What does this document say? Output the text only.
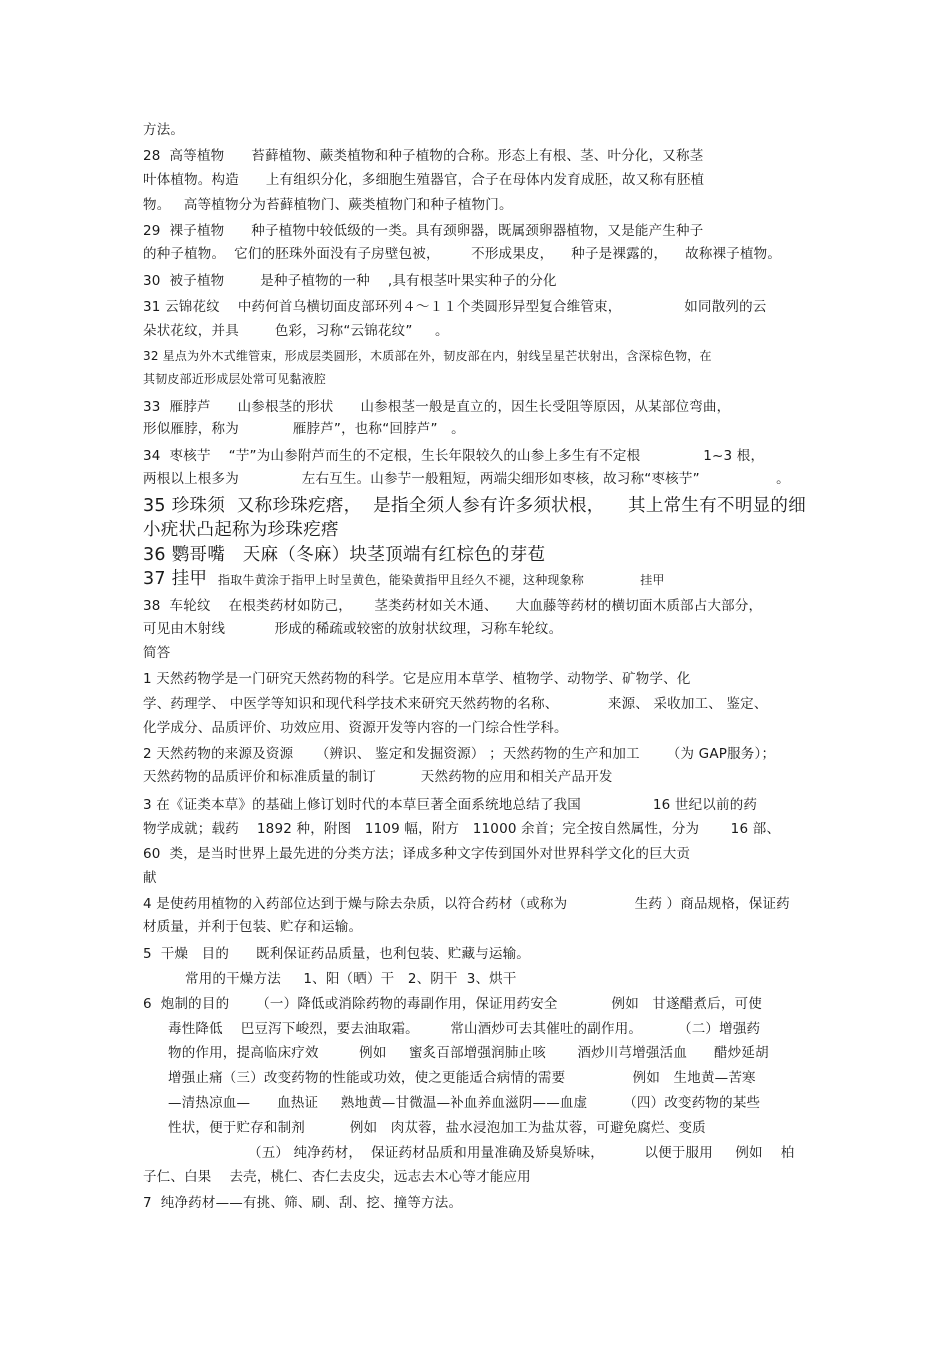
方法。
28  高等植物      苔藓植物、蕨类植物和种子植物的合称。形态上有根、茎、叶分化，又称茎
叶体植物。构造      上有组织分化，多细胞生殖器官，合子在母体内发育成胚，故又称有胚植
物。   高等植物分为苔藓植物门、蕨类植物门和种子植物门。
29  裸子植物      种子植物中较低级的一类。具有颈卵器，既属颈卵器植物，又是能产生种子
的种子植物。  它们的胚珠外面没有子房壁包被，       不形成果皮，    种子是裸露的，    故称裸子植物。
30  被子植物        是种子植物的一种    ,具有根茎叶果实种子的分化
31 云锦花纹    中药何首乌横切面皮部环列４～１１个类圆形异型复合维管束，              如同散列的云
朵状花纹，并具        色彩，习称“云锦花纹”     。
32 星点为外木式维管束，形成层类圆形，木质部在外，韧皮部在内，射线呈星芒状射出，含深棕色物，在
其韧皮部近形成层处常可见黏液腔
33  雁脖芦      山参根茎的形状      山参根茎一般是直立的，因生长受阻等原因，从某部位弯曲，
形似雁脖，称为            雁脖芦”，也称“回脖芦”   。
34  枣核艼    “艼”为山参附芦而生的不定根，生长年限较久的山参上多生有不定根              1~3 根，
两根以上根多为              左右互生。山参艼一般粗短，两端尖细形如枣核，故习称“枣核艼”                 。
35 珍珠须  又称珍珠疙瘩，  是指全须人参有许多须状根，    其上常生有不明显的细
小疣状凸起称为珍珠疙瘩
36 鹦哥嘴   天麻（冬麻）块茎顶端有红棕色的芽苞
37 挂甲 指取牛黄涂于指甲上时呈黄色，能染黄指甲且经久不褪，这种现象称              挂甲
38  车轮纹    在根类药材如防己，     茎类药材如关木通、    大血藤等药材的横切面木质部占大部分，
可见由木射线           形成的稀疏或较密的放射状纹理，习称车轮纹。
简答
1 天然药物学是一门研究天然药物的科学。它是应用本草学、植物学、动物学、矿物学、化
学、药理学、 中医学等知识和现代科学技术来研究天然药物的名称、           来源、 采收加工、 鉴定、
化学成分、品质评价、功效应用、资源开发等内容的一门综合性学科。
2 天然药物的来源及资源     （辨识、 鉴定和发掘资源） ；天然药物的生产和加工      （为 GAP服务）；
天然药物的品质评价和标准质量的制订          天然药物的应用和相关产品开发
3 在《证类本草》的基础上修订划时代的本草巨著全面系统地总结了我国                16 世纪以前的药
物学成就；载药    1892 种，附图   1109 幅，附方   11000 余首；完全按自然属性，分为       16 部、
60  类，是当时世界上最先进的分类方法；译成多种文字传到国外对世界科学文化的巨大贡
献
4 是使药用植物的入药部位达到于燥与除去杂质，以符合药材（或称为               生药 ）商品规格，保证药
材质量，并利于包装、贮存和运输。
5  干燥   目的      既利保证药品质量，也利包装、贮藏与运输。
常用的干燥方法     1、阳（晒）干   2、阴干  3、烘干
6  炮制的目的      （一）降低或消除药物的毒副作用，保证用药安全            例如   甘遂醋煮后，可使
毒性降低    巴豆泻下峻烈，要去油取霜。       常山酒炒可去其催吐的副作用。        （二）增强药
物的作用，提高临床疗效         例如     蜜炙百部增强润肺止咳       酒炒川芎增强活血      醋炒延胡
增强止痛（三）改变药物的性能或功效，使之更能适合病情的需要               例如   生地黄—苦寒
—清热凉血—      血热证     熟地黄—甘微温—补血养血滋阴——血虚        （四）改变药物的某些
性状，便于贮存和制剂          例如   肉苁蓉，盐水浸泡加工为盐苁蓉，可避免腐烂、变质
（五） 纯净药材，  保证药材品质和用量准确及矫臭矫味，         以便于服用     例如    柏
子仁、白果    去壳，桃仁、杏仁去皮尖，远志去木心等才能应用
7  纯净药材——有挑、筛、刷、刮、挖、撞等方法。
